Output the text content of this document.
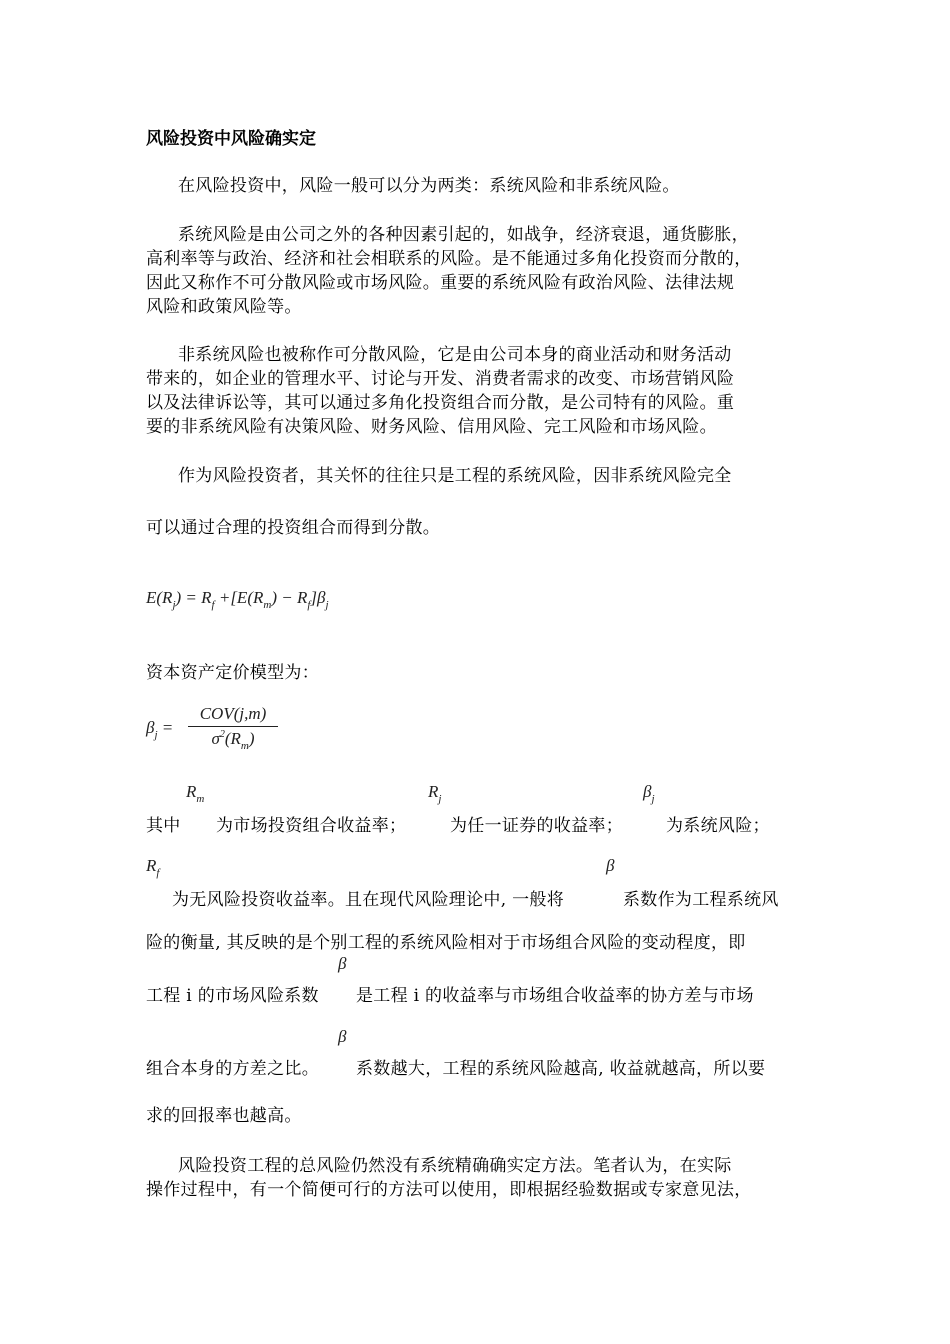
风险投资中风险确实定
在风险投资中，风险一般可以分为两类：系统风险和非系统风险。
系统风险是由公司之外的各种因素引起的，如战争，经济衰退，通货膨胀，
高利率等与政治、经济和社会相联系的风险。是不能通过多角化投资而分散的，
因此又称作不可分散风险或市场风险。重要的系统风险有政治风险、法律法规
风险和政策风险等。
非系统风险也被称作可分散风险，它是由公司本身的商业活动和财务活动
带来的，如企业的管理水平、讨论与开发、消费者需求的改变、市场营销风险
以及法律诉讼等，其可以通过多角化投资组合而分散，是公司特有的风险。重
要的非系统风险有决策风险、财务风险、信用风险、完工风险和市场风险。
作为风险投资者，其关怀的往往只是工程的系统风险，因非系统风险完全
可以通过合理的投资组合而得到分散。
$E(R_j) = R_f +[E(R_m) - R_f]\beta_j$
资本资产定价模型为：
$\beta_j$ =
COV(j,m)
$\sigma^2(R_m)$
$R_m$	$R_j$	$\beta_j$
其中 为市场投资组合收益率；	为任一证券的收益率；	为系统风险；
$R_f$	β
为无风险投资收益率。且在现代风险理论中, 一般将	系数作为工程系统风
险的衡量, 其反映的是个别工程的系统风险相对于市场组合风险的变动程度，即
β
工程 i 的市场风险系数 是工程 i 的收益率与市场组合收益率的协方差与市场
β
组合本身的方差之比。 系数越大，工程的系统风险越高, 收益就越高，所以要
求的回报率也越高。
风险投资工程的总风险仍然没有系统精确确实定方法。笔者认为，在实际
操作过程中，有一个简便可行的方法可以使用，即根据经验数据或专家意见法，
